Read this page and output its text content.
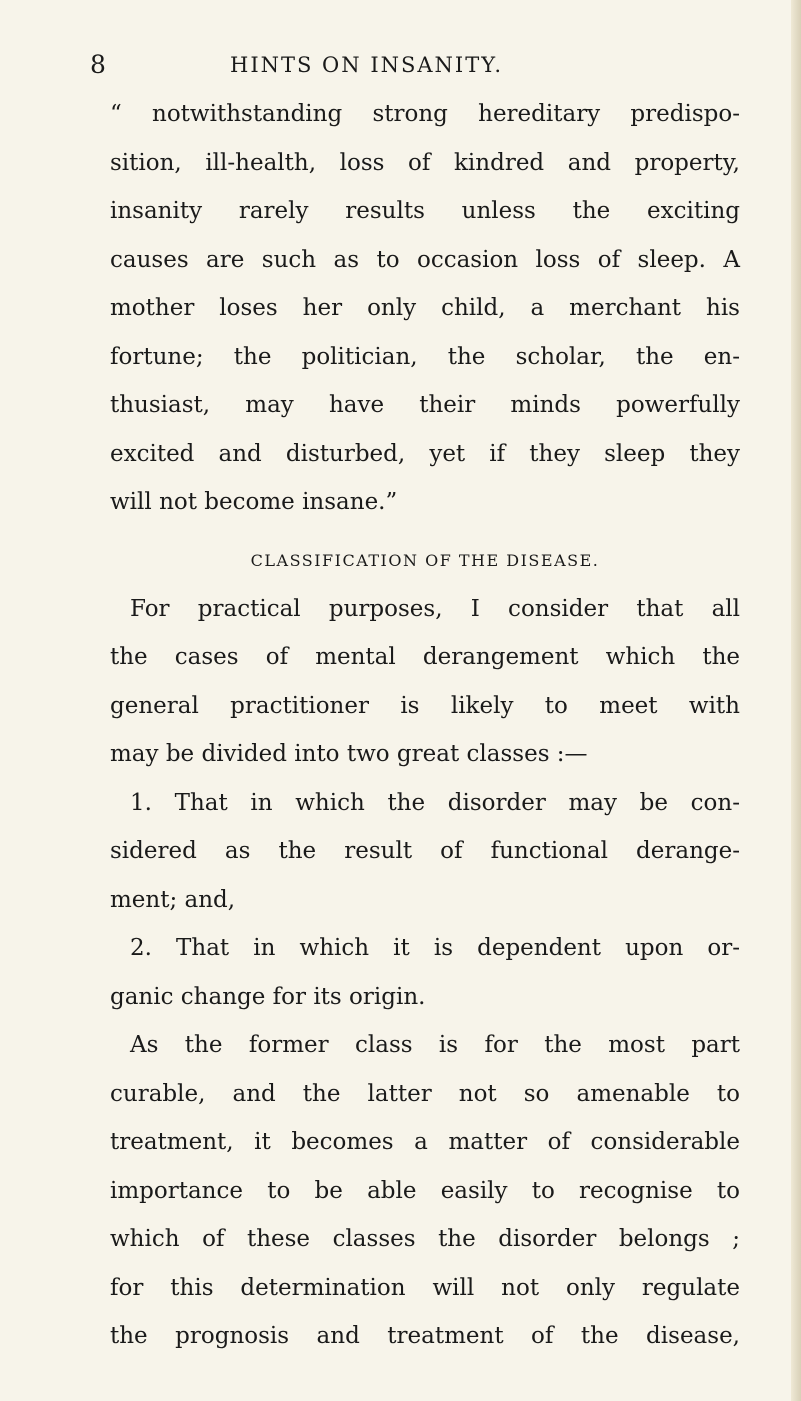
8	HINTS ON INSANITY.
“ notwithstanding strong hereditary predispo-
sition, ill-health, loss of kindred and property,
insanity rarely results unless the exciting
causes are such as to occasion loss of sleep. A
mother loses her only child, a merchant his
fortune; the politician, the scholar, the en-
thusiast, may have their minds powerfully
excited and disturbed, yet if they sleep they
will not become insane.”
CLASSIFICATION OF THE DISEASE.
For practical purposes, I consider that all
the cases of mental derangement which the
general practitioner is likely to meet with
may be divided into two great classes :—
1. That in which the disorder may be con-
sidered as the result of functional derange-
ment; and,
2. That in which it is dependent upon or-
ganic change for its origin.
As the former class is for the most part
curable, and the latter not so amenable to
treatment, it becomes a matter of considerable
importance to be able easily to recognise to
which of these classes the disorder belongs ;
for this determination will not only regulate
the prognosis and treatment of the disease,
